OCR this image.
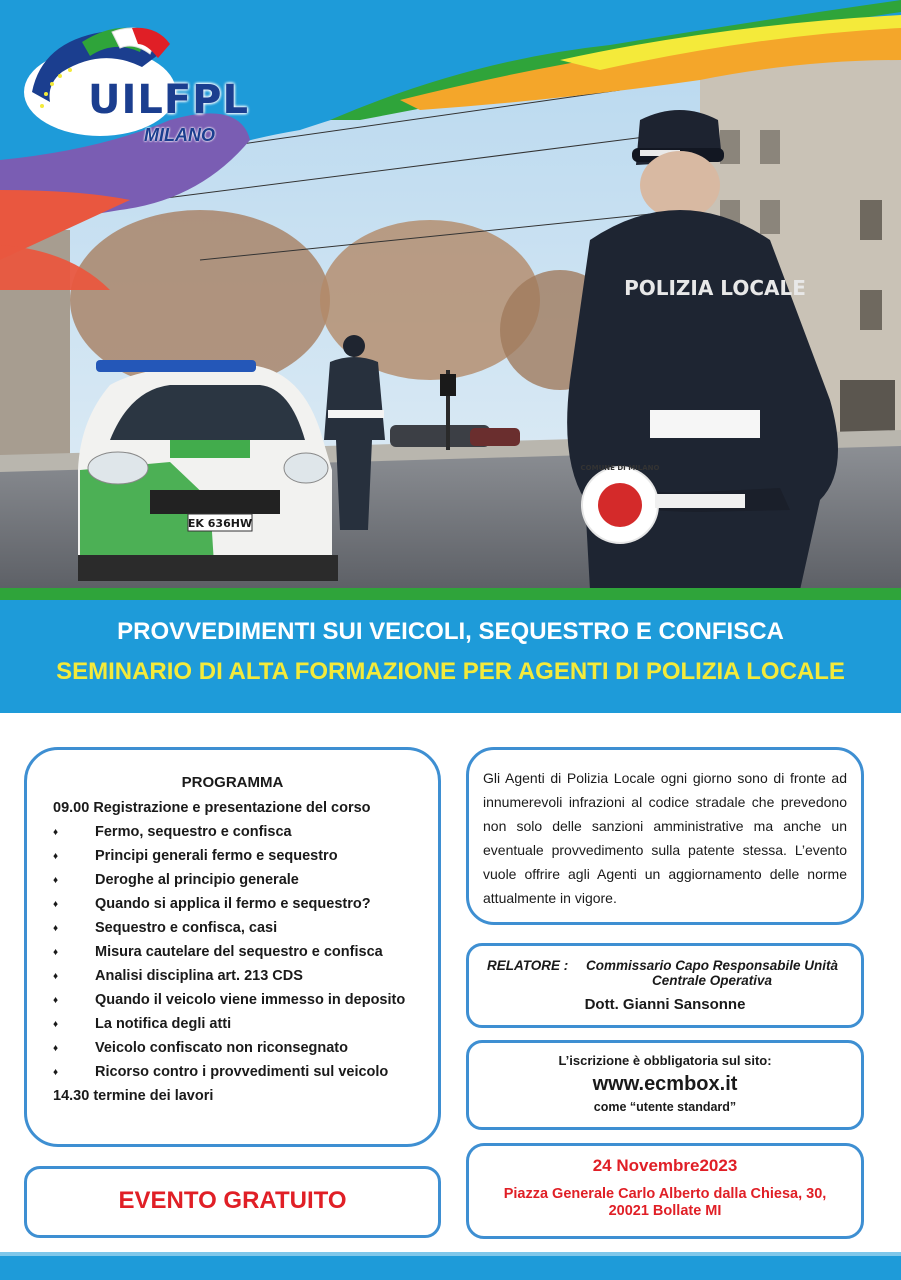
EK 636HW
POLIZIA LOCALE
COMUNE DI MILANO
UILFPL
MILANO
PROVVEDIMENTI SUI VEICOLI, SEQUESTRO E CONFISCA
SEMINARIO DI ALTA FORMAZIONE PER AGENTI DI POLIZIA LOCALE
PROGRAMMA
09.00 Registrazione e presentazione del corso
♦	Fermo, sequestro e confisca
♦	Principi generali fermo e sequestro
♦	Deroghe al principio generale
♦	Quando si applica il fermo e sequestro?
♦	Sequestro e confisca, casi
♦	Misura cautelare del sequestro e confisca
♦	Analisi disciplina art. 213 CDS
♦	Quando il veicolo viene immesso in deposito
♦	La notifica degli atti
♦	Veicolo confiscato non riconsegnato
♦	Ricorso contro i provvedimenti sul veicolo
14.30 termine dei lavori
EVENTO GRATUITO
Gli Agenti di Polizia Locale ogni giorno sono di fronte ad innumerevoli infrazioni al codice stradale che prevedono non solo delle sanzioni amministrative ma anche un eventuale provvedimento sulla patente stessa. L’evento vuole offrire agli Agenti un aggiornamento delle norme attualmente in vigore.
RELATORE :	Commissario Capo Responsabile Unità Centrale Operativa
Dott. Gianni Sansonne
L’iscrizione è obbligatoria sul sito:
www.ecmbox.it
come “utente standard”
24 Novembre2023
Piazza Generale Carlo Alberto dalla Chiesa, 30,
20021 Bollate MI
